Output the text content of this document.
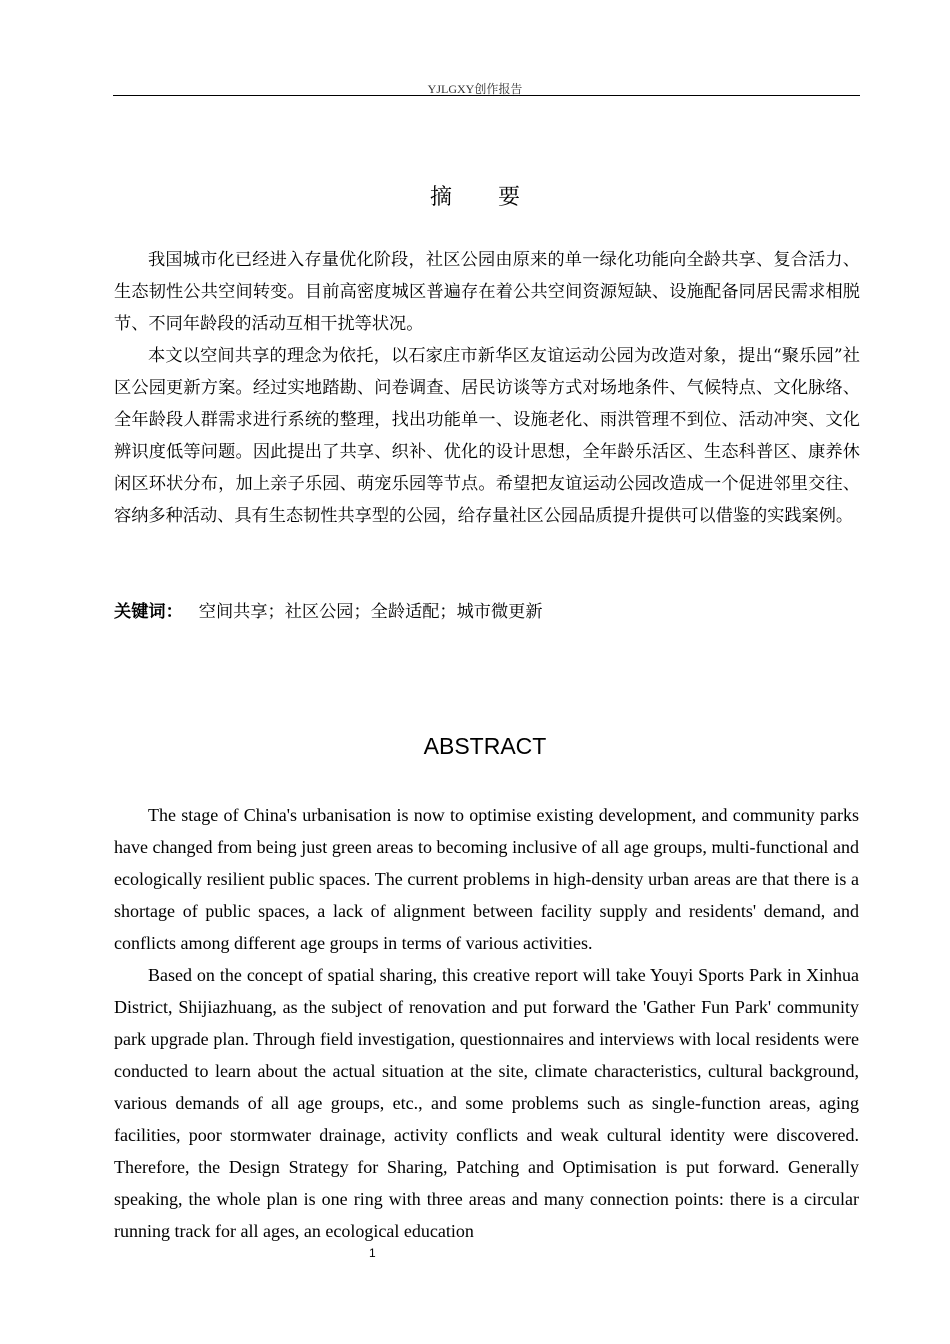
YJLGXY创作报告
摘 要

我国城市化已经进入存量优化阶段，社区公园由原来的单一绿化功能向全龄共享、复合活力、生态韧性公共空间转变。目前高密度城区普遍存在着公共空间资源短缺、设施配备同居民需求相脱节、不同年龄段的活动互相干扰等状况。

本文以空间共享的理念为依托，以石家庄市新华区友谊运动公园为改造对象，提出“聚乐园”社区公园更新方案。经过实地踏勘、问卷调查、居民访谈等方式对场地条件、气候特点、文化脉络、全年龄段人群需求进行系统的整理，找出功能单一、设施老化、雨洪管理不到位、活动冲突、文化辨识度低等问题。因此提出了共享、织补、优化的设计思想，全年龄乐活区、生态科普区、康养休闲区环状分布，加上亲子乐园、萌宠乐园等节点。希望把友谊运动公园改造成一个促进邻里交往、容纳多种活动、具有生态韧性共享型的公园，给存量社区公园品质提升提供可以借鉴的实践案例。

关键词： 空间共享；社区公园；全龄适配；城市微更新
ABSTRACT

The stage of China's urbanisation is now to optimise existing development, and community parks have changed from being just green areas to becoming inclusive of all age groups, multi-functional and ecologically resilient public spaces. The current problems in high-density urban areas are that there is a shortage of public spaces, a lack of alignment between facility supply and residents' demand, and conflicts among different age groups in terms of various activities.

Based on the concept of spatial sharing, this creative report will take Youyi Sports Park in Xinhua District, Shijiazhuang, as the subject of renovation and put forward the 'Gather Fun Park' community park upgrade plan. Through field investigation, questionnaires and interviews with local residents were conducted to learn about the actual situation at the site, climate characteristics, cultural background, various demands of all age groups, etc., and some problems such as single-function areas, aging facilities, poor stormwater drainage, activity conflicts and weak cultural identity were discovered. Therefore, the Design Strategy for Sharing, Patching and Optimisation is put forward. Generally speaking, the whole plan is one ring with three areas and many connection points: there is a circular running track for all ages, an ecological education

1
